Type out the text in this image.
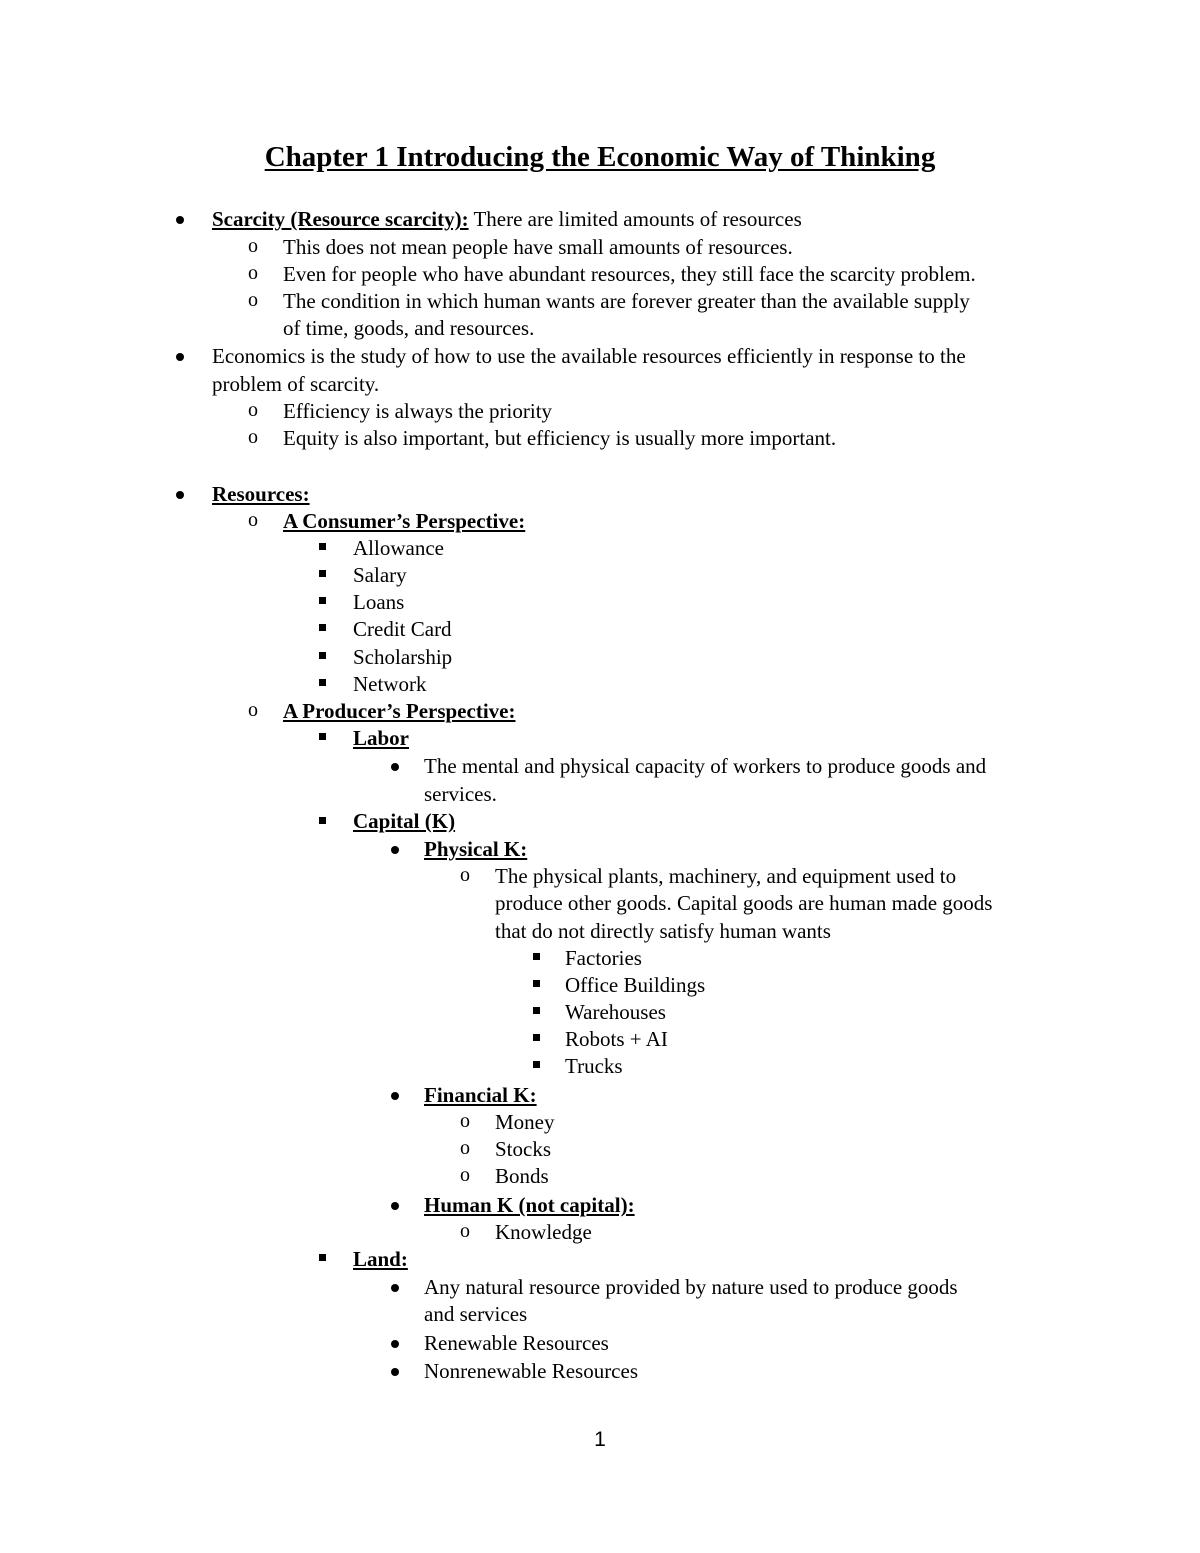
Chapter 1 Introducing the Economic Way of Thinking
Scarcity (Resource scarcity): There are limited amounts of resources
o This does not mean people have small amounts of resources.
o Even for people who have abundant resources, they still face the scarcity problem.
o The condition in which human wants are forever greater than the available supply
of time, goods, and resources.
Economics is the study of how to use the available resources efficiently in response to the
problem of scarcity.
o Efficiency is always the priority
o Equity is also important, but efficiency is usually more important.
Resources:
o A Consumer’s Perspective:
Allowance
Salary
Loans
Credit Card
Scholarship
Network
o A Producer’s Perspective:
Labor
The mental and physical capacity of workers to produce goods and
services.
Capital (K)
Physical K:
o The physical plants, machinery, and equipment used to
produce other goods. Capital goods are human made goods
that do not directly satisfy human wants
Factories
Office Buildings
Warehouses
Robots + AI
Trucks
Financial K:
o Money
o Stocks
o Bonds
Human K (not capital):
o Knowledge
Land:
Any natural resource provided by nature used to produce goods
and services
Renewable Resources
Nonrenewable Resources
1
